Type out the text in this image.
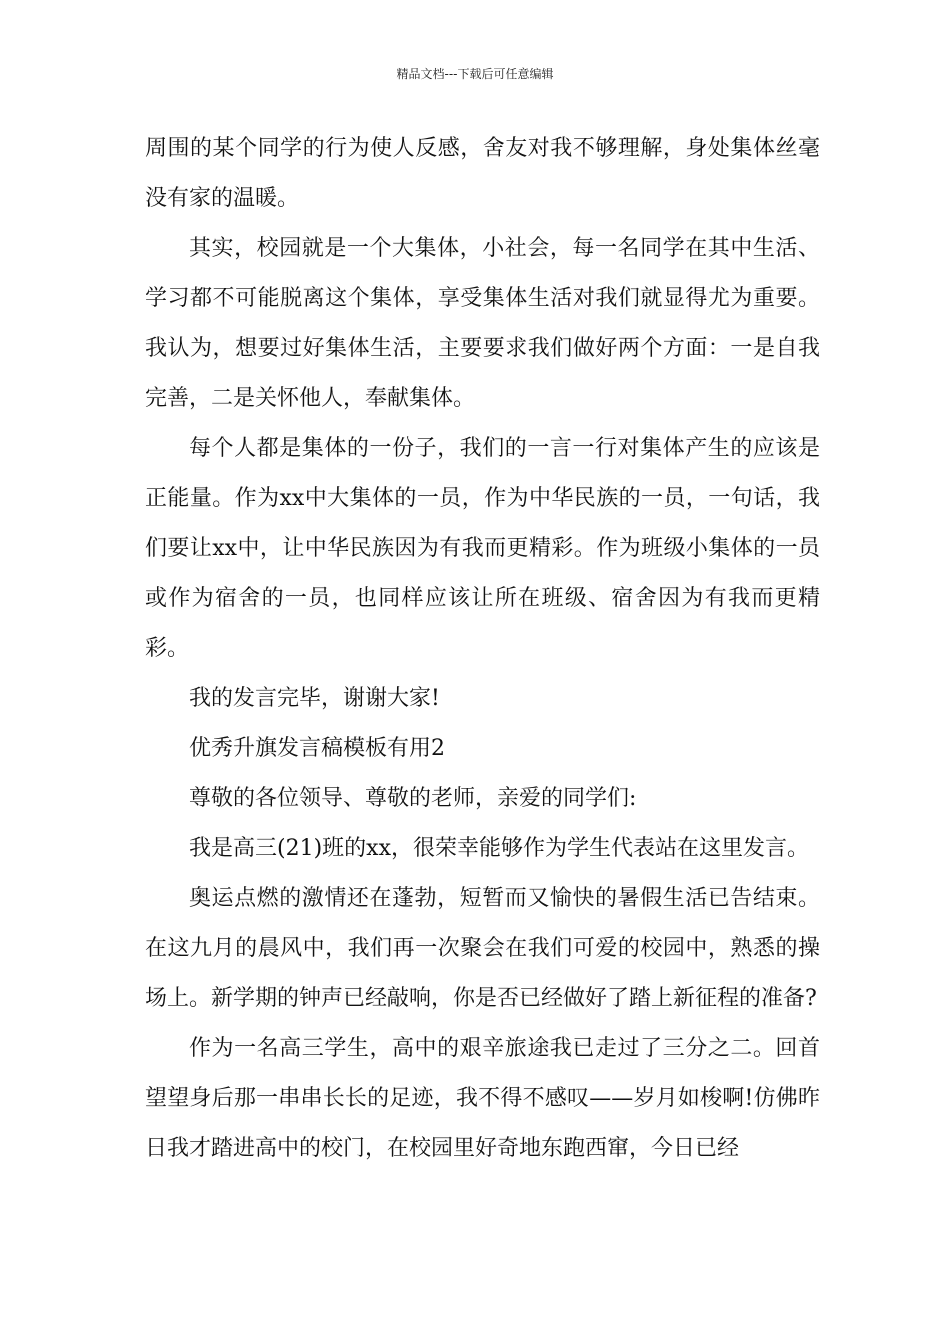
精品文档---下载后可任意编辑

周围的某个同学的行为使人反感，舍友对我不够理解，身处集体丝毫没有家的温暖。

其实，校园就是一个大集体，小社会，每一名同学在其中生活、学习都不可能脱离这个集体，享受集体生活对我们就显得尤为重要。我认为，想要过好集体生活，主要要求我们做好两个方面：一是自我完善，二是关怀他人，奉献集体。

每个人都是集体的一份子，我们的一言一行对集体产生的应该是正能量。作为xx中大集体的一员，作为中华民族的一员，一句话，我们要让xx中，让中华民族因为有我而更精彩。作为班级小集体的一员或作为宿舍的一员，也同样应该让所在班级、宿舍因为有我而更精彩。

我的发言完毕，谢谢大家!

优秀升旗发言稿模板有用2

尊敬的各位领导、尊敬的老师，亲爱的同学们:

我是高三(21)班的xx，很荣幸能够作为学生代表站在这里发言。

奥运点燃的激情还在蓬勃，短暂而又愉快的暑假生活已告结束。在这九月的晨风中，我们再一次聚会在我们可爱的校园中，熟悉的操场上。新学期的钟声已经敲响，你是否已经做好了踏上新征程的准备?

作为一名高三学生，高中的艰辛旅途我已走过了三分之二。回首望望身后那一串串长长的足迹，我不得不感叹——岁月如梭啊!仿佛昨日我才踏进高中的校门，在校园里好奇地东跑西窜，今日已经
